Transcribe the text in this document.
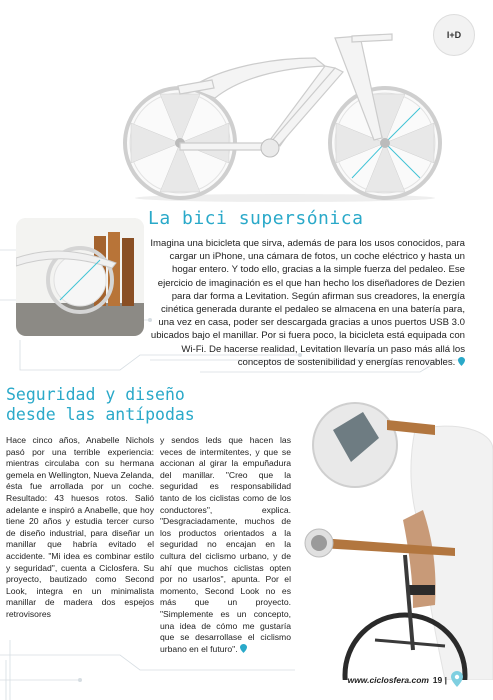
I+D
La bici supersónica
Imagina una bicicleta que sirva, además de para los usos conocidos, para cargar un iPhone, una cámara de fotos, un coche eléctrico y hasta un hogar entero. Y todo ello, gracias a la simple fuerza del pedaleo. Ese ejercicio de imaginación es el que han hecho los diseñadores de Dezien para dar forma a Levitation. Según afirman sus creadores, la energía cinética generada durante el pedaleo se almacena en una batería para, una vez en casa, poder ser descargada gracias a unos puertos USB 3.0 ubicados bajo el manillar. Por si fuera poco, la bicicleta está equipada con Wi-Fi. De hacerse realidad, Levitation llevaría un paso más allá los conceptos de sostenibilidad y energías renovables.
Seguridad y diseño
desde las antípodas
Hace cinco años, Anabelle Nichols pasó por una terrible experiencia: mientras circulaba con su hermana gemela en Wellington, Nueva Zelanda, ésta fue arrollada por un coche. Resultado: 43 huesos rotos. Salió adelante e inspiró a Anabelle, que hoy tiene 20 años y estudia tercer curso de diseño industrial, para diseñar un manillar que habría evitado el accidente. "Mi idea es combinar estilo y seguridad", cuenta a Ciclosfera. Su proyecto, bautizado como Second Look, integra en un minimalista manillar de madera dos espejos retrovisores
y sendos leds que hacen las veces de intermitentes, y que se accionan al girar la empuñadura del manillar. "Creo que la seguridad es responsabilidad tanto de los ciclistas como de los conductores", explica. "Desgraciadamente, muchos de los productos orientados a la seguridad no encajan en la cultura del ciclismo urbano, y de ahí que muchos ciclistas opten por no usarlos", apunta. Por el momento, Second Look no es más que un proyecto. "Simplemente es un concepto, una idea de cómo me gustaría que se desarrollase el ciclismo urbano en el futuro".
www.ciclosfera.com 19 |
